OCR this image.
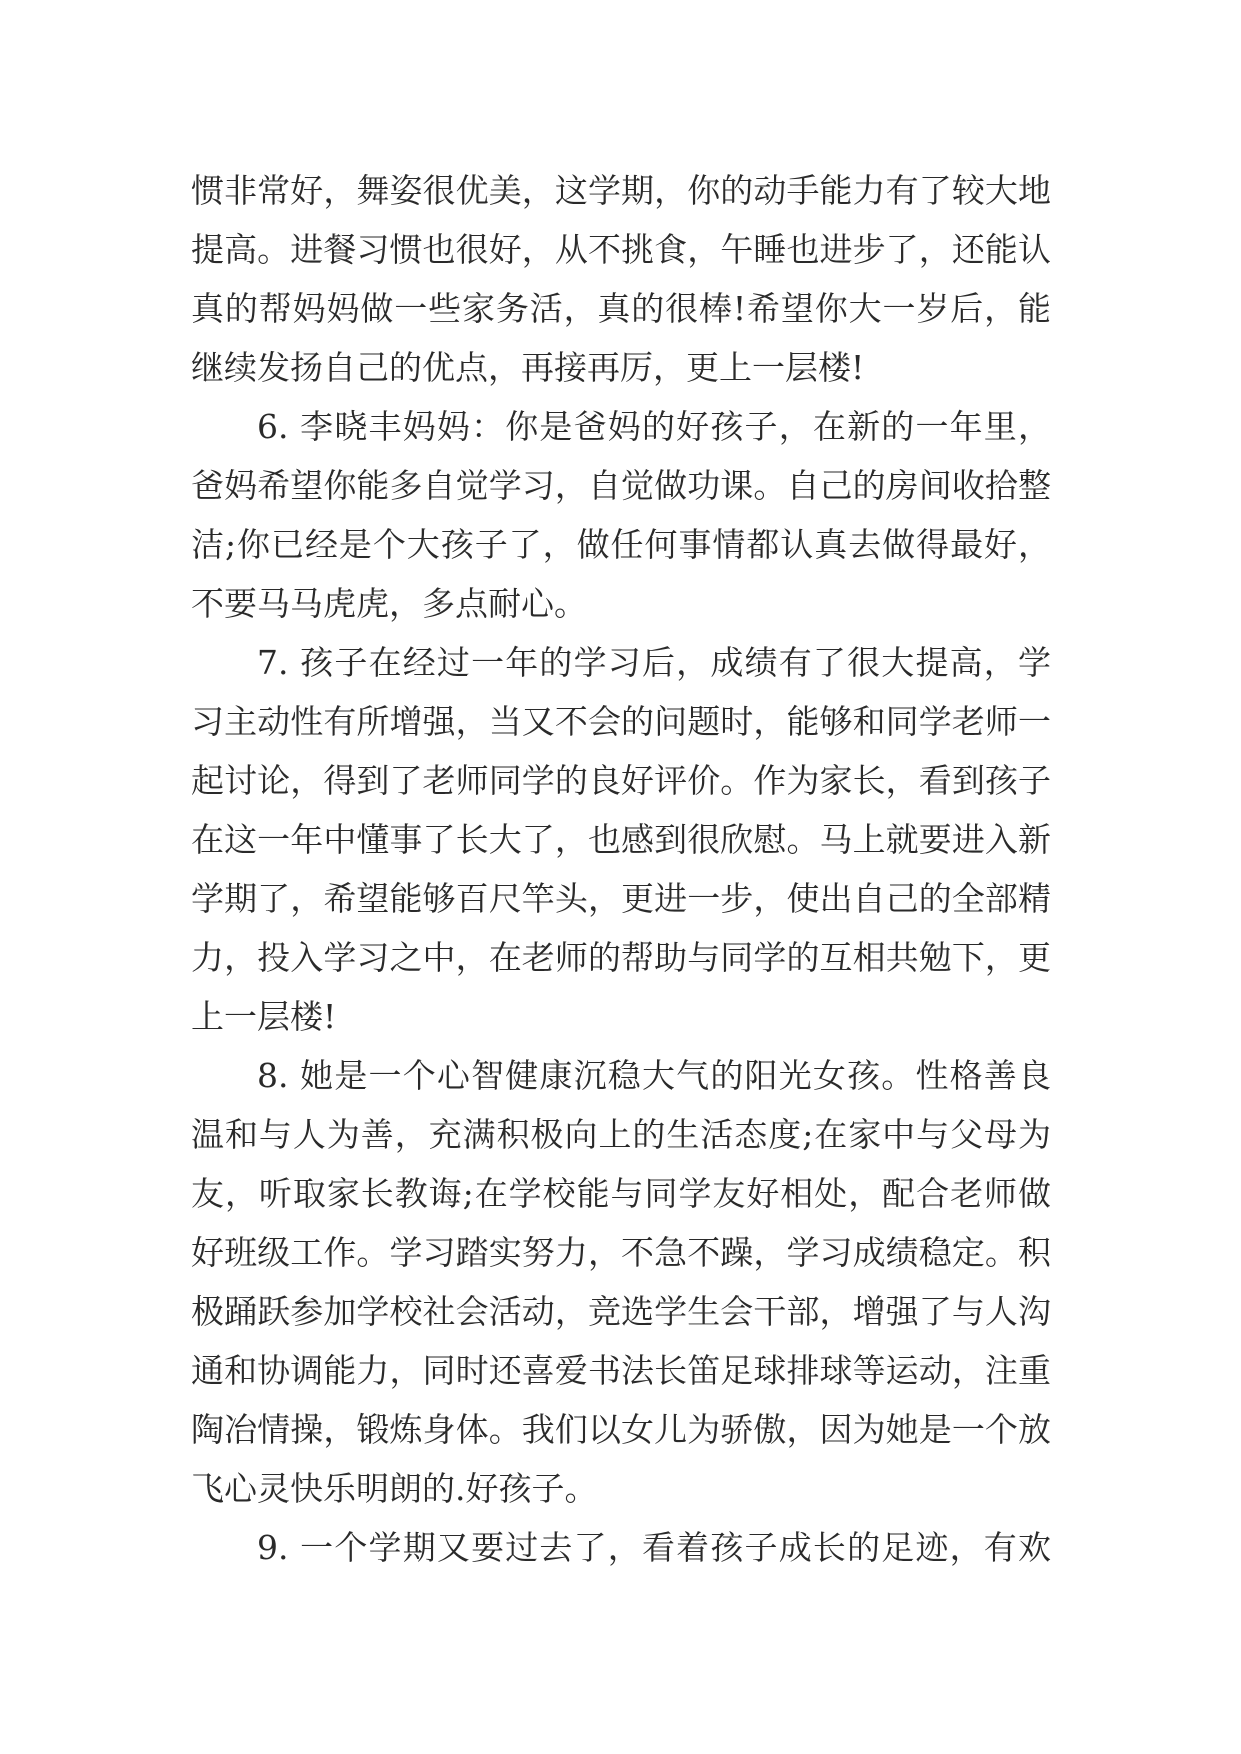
惯非常好，舞姿很优美，这学期，你的动手能力有了较大地
提高。进餐习惯也很好，从不挑食，午睡也进步了，还能认
真的帮妈妈做一些家务活，真的很棒!希望你大一岁后，能
继续发扬自己的优点，再接再厉，更上一层楼!
6. 李晓丰妈妈：你是爸妈的好孩子，在新的一年里，
爸妈希望你能多自觉学习，自觉做功课。自己的房间收拾整
洁;你已经是个大孩子了，做任何事情都认真去做得最好，
不要马马虎虎，多点耐心。
7. 孩子在经过一年的学习后，成绩有了很大提高，学
习主动性有所增强，当又不会的问题时，能够和同学老师一
起讨论，得到了老师同学的良好评价。作为家长，看到孩子
在这一年中懂事了长大了，也感到很欣慰。马上就要进入新
学期了，希望能够百尺竿头，更进一步，使出自己的全部精
力，投入学习之中，在老师的帮助与同学的互相共勉下，更
上一层楼!
8. 她是一个心智健康沉稳大气的阳光女孩。性格善良
温和与人为善，充满积极向上的生活态度;在家中与父母为
友，听取家长教诲;在学校能与同学友好相处，配合老师做
好班级工作。学习踏实努力，不急不躁，学习成绩稳定。积
极踊跃参加学校社会活动，竞选学生会干部，增强了与人沟
通和协调能力，同时还喜爱书法长笛足球排球等运动，注重
陶冶情操，锻炼身体。我们以女儿为骄傲，因为她是一个放
飞心灵快乐明朗的.好孩子。
9. 一个学期又要过去了，看着孩子成长的足迹，有欢
